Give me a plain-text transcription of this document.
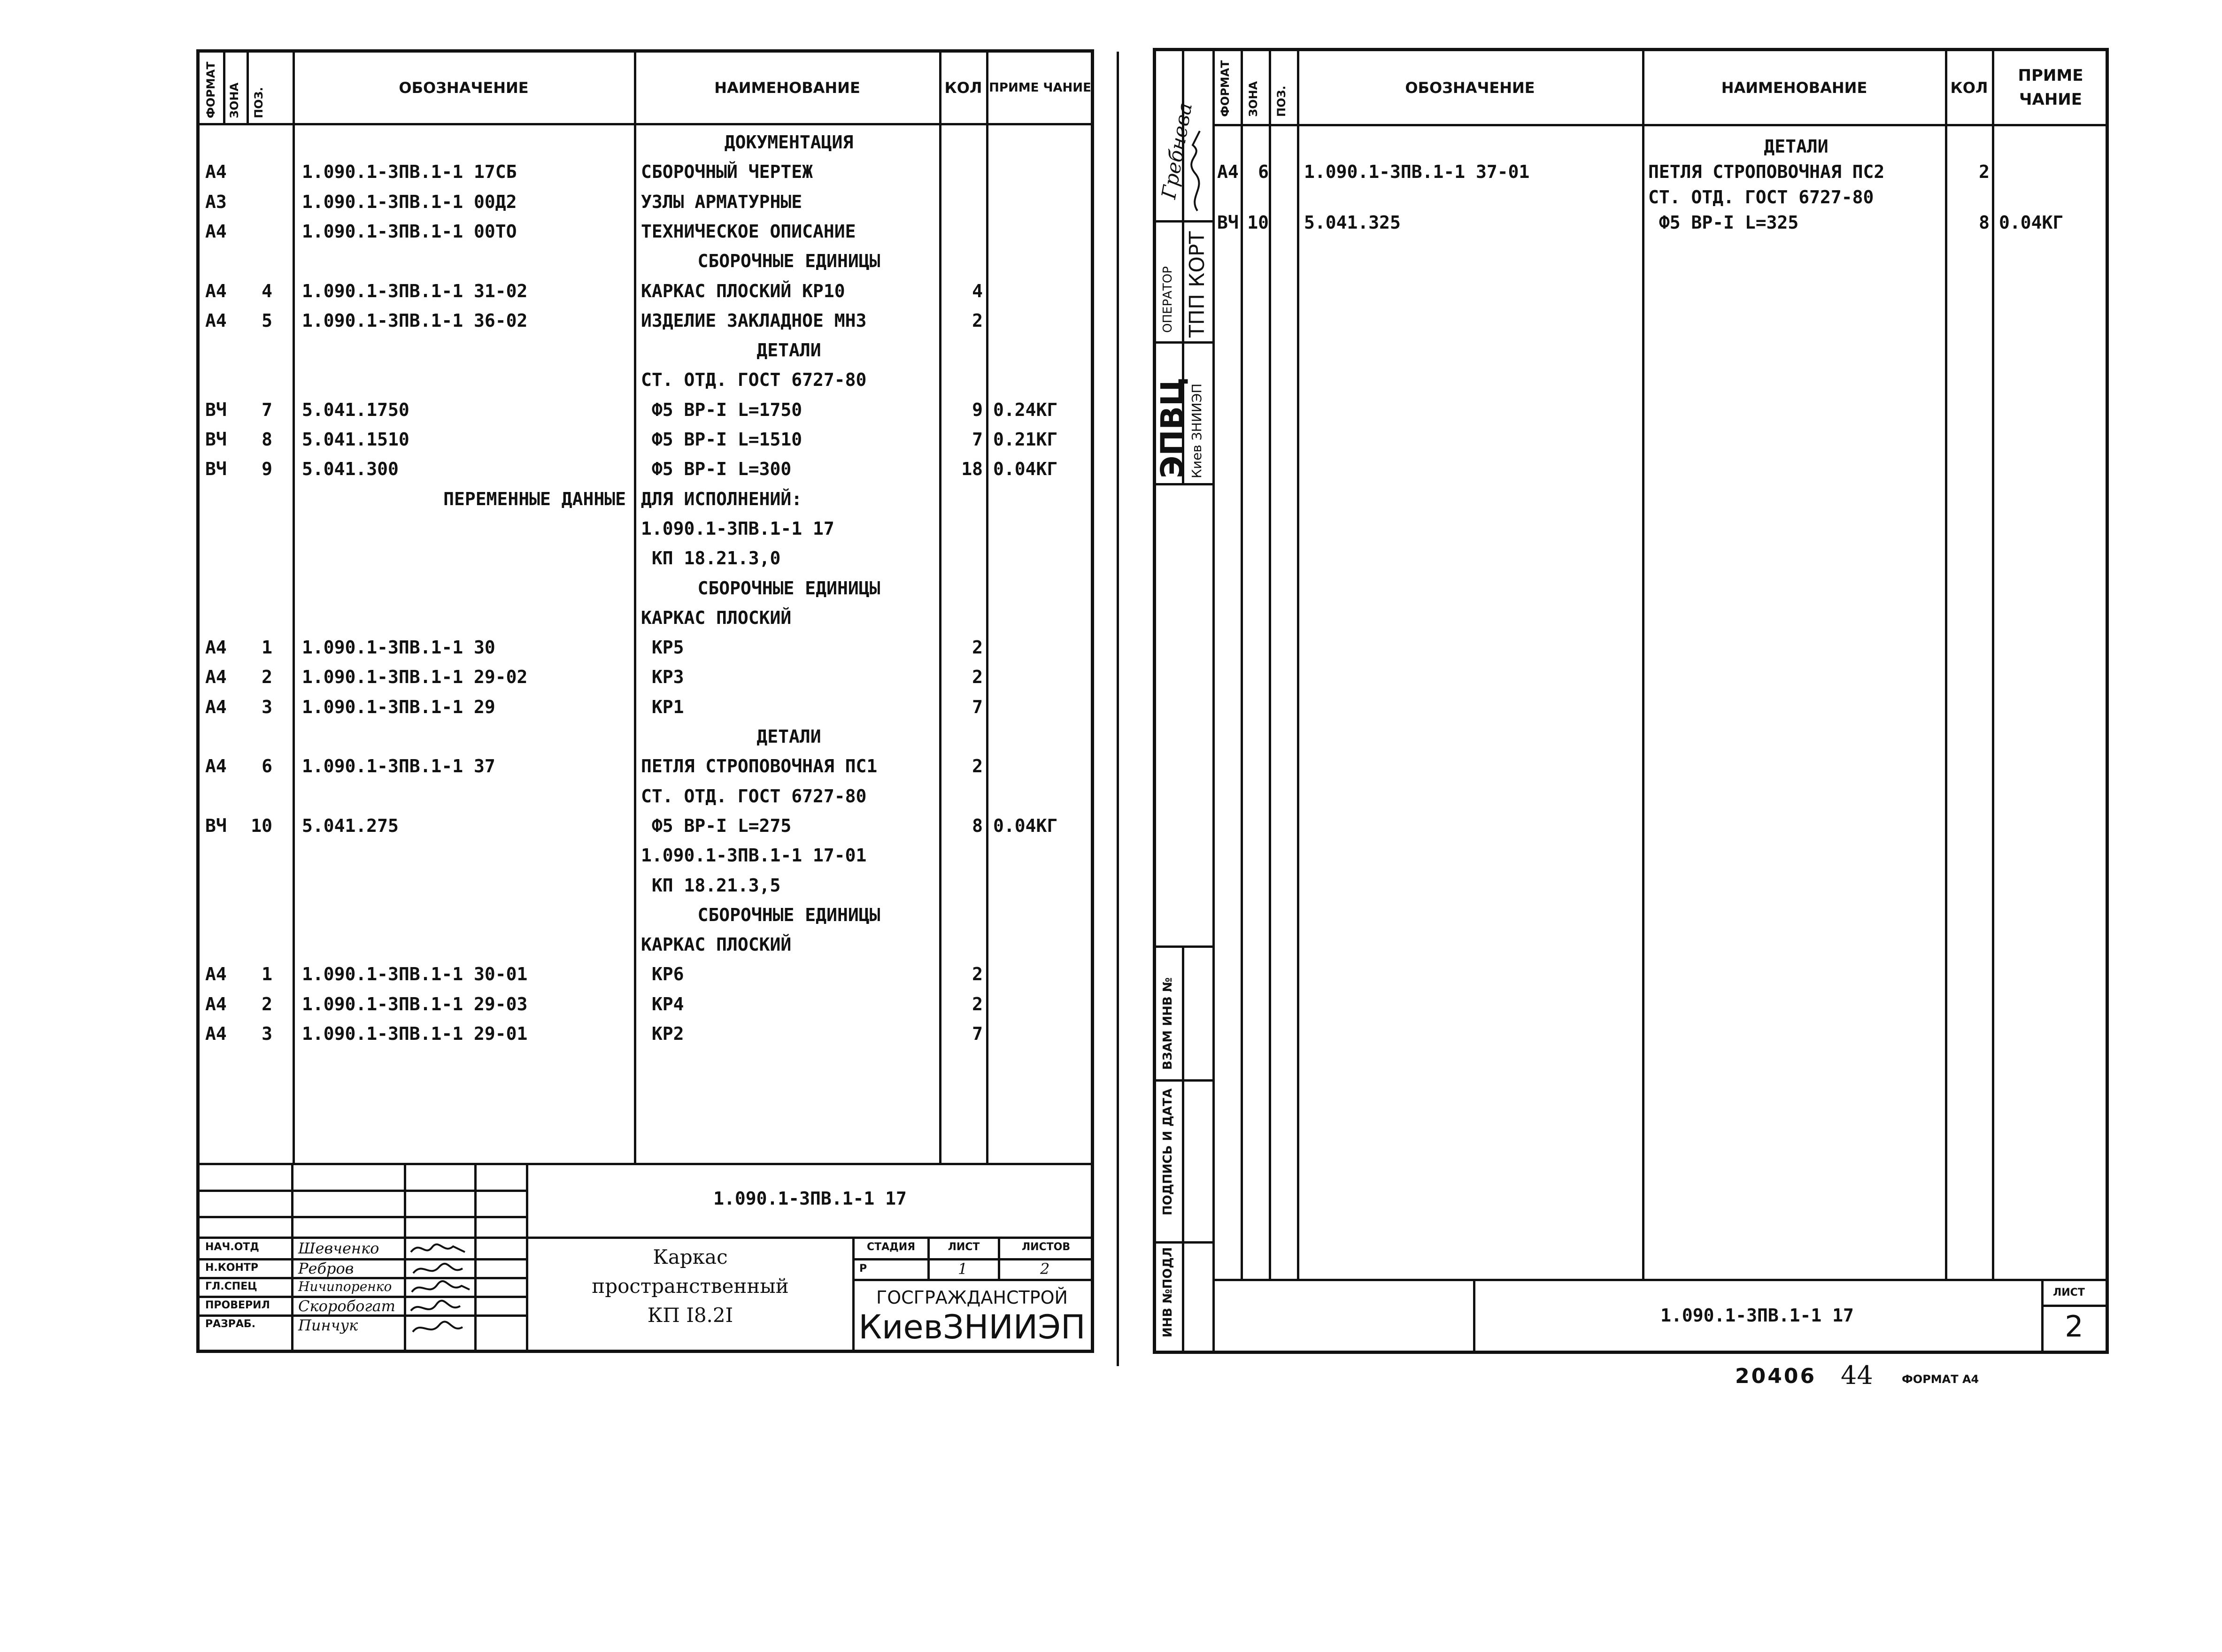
ФОРМАТ ЗОНА ПОЗ.	ОБОЗНАЧЕНИЕ	НАИМЕНОВАНИЕ	КОЛ ПРИМЕ ЧАНИЕ
ДОКУМЕНТАЦИЯ
А4	1.090.1-3ПВ.1-1 17СБ	СБОРОЧНЫЙ ЧЕРТЕЖ
А3	1.090.1-3ПВ.1-1 00Д2	УЗЛЫ АРМАТУРНЫЕ
А4	1.090.1-3ПВ.1-1 00ТО	ТЕХНИЧЕСКОЕ ОПИСАНИЕ
СБОРОЧНЫЕ ЕДИНИЦЫ
А4	4 1.090.1-3ПВ.1-1 31-02	КАРКАС ПЛОСКИЙ КР10	4
А4	5 1.090.1-3ПВ.1-1 36-02	ИЗДЕЛИЕ ЗАКЛАДНОЕ МН3	2
ДЕТАЛИ
СТ. ОТД. ГОСТ 6727-80
ВЧ	7 5.041.1750	Ф5 ВР-I L=1750	9 0.24КГ
ВЧ	8 5.041.1510	Ф5 ВР-I L=1510	7 0.21КГ
ВЧ	9 5.041.300	Ф5 ВР-I L=300	18 0.04КГ
ПЕРЕМЕННЫЕ ДАННЫЕ ДЛЯ ИСПОЛНЕНИЙ:
1.090.1-3ПВ.1-1 17
КП 18.21.3,0
СБОРОЧНЫЕ ЕДИНИЦЫ
КАРКАС ПЛОСКИЙ
А4	1 1.090.1-3ПВ.1-1 30	КР5	2
А4	2 1.090.1-3ПВ.1-1 29-02	КР3	2
А4	3 1.090.1-3ПВ.1-1 29	КР1	7
ДЕТАЛИ
А4	6 1.090.1-3ПВ.1-1 37	ПЕТЛЯ СТРОПОВОЧНАЯ ПС1	2
СТ. ОТД. ГОСТ 6727-80
ВЧ	10 5.041.275	Ф5 ВР-I L=275	8 0.04КГ
1.090.1-3ПВ.1-1 17-01
КП 18.21.3,5
СБОРОЧНЫЕ ЕДИНИЦЫ
КАРКАС ПЛОСКИЙ
А4	1 1.090.1-3ПВ.1-1 30-01	КР6	2
А4	2 1.090.1-3ПВ.1-1 29-03	КР4	2
А4	3 1.090.1-3ПВ.1-1 29-01	КР2	7
1.090.1-3ПВ.1-1 17
НАЧ.ОТД
Н.КОНТР
ГЛ.СПЕЦ
ПРОВЕРИЛ
РАЗРАБ.
Шевченко
Ребров
Ничипоренко
Скоробогат
Пинчук
Каркас
пространственный
КП I8.2I
СТАДИЯ	ЛИСТ	ЛИСТОВ
Р	1	2
ГОСГРАЖДАНСТРОЙ
КиевЗНИИЭП
Гребнева
ОПЕРАТОР ТПП КОРТ
ЭПВЦ
Киев ЗНИИЭП
ИНВ №ПОДЛ
ПОДПИСЬ И ДАТА
ВЗАМ ИНВ №
ФОРМАТ ЗОНА ПОЗ.	ОБОЗНАЧЕНИЕ	НАИМЕНОВАНИЕ	КОЛ
ПРИМЕ ЧАНИЕ
ДЕТАЛИ
А4	6 1.090.1-3ПВ.1-1 37-01	ПЕТЛЯ СТРОПОВОЧНАЯ ПС2	2
СТ. ОТД. ГОСТ 6727-80
ВЧ 10 5.041.325	Ф5 ВР-I L=325	8 0.04КГ
1.090.1-3ПВ.1-1 17
ЛИСТ
2
20406 44	ФОРМАТ А4
